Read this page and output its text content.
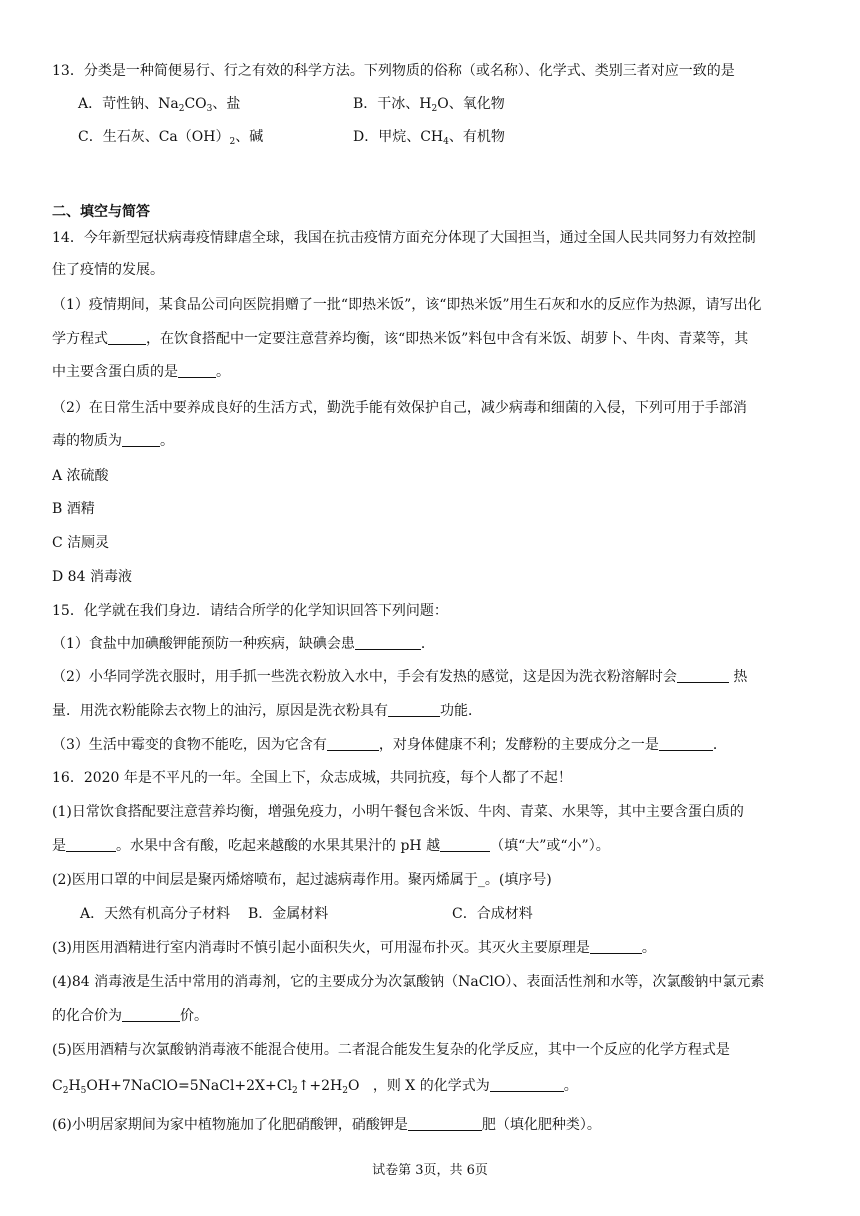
13．分类是一种简便易行、行之有效的科学方法。下列物质的俗称（或名称）、化学式、类别三者对应一致的是
A．苛性钠、$Na_2CO_3$、盐	B．干冰、$H_2O$、氧化物
C．生石灰、$Ca(OH)_2$、碱	D．甲烷、$CH_4$、有机物
二、填空与简答
14．今年新型冠状病毒疫情肆虐全球，我国在抗击疫情方面充分体现了大国担当，通过全国人民共同努力有效控制
住了疫情的发展。
（1）疫情期间，某食品公司向医院捐赠了一批“即热米饭”，该“即热米饭”用生石灰和水的反应作为热源，请写出化
学方程式	，在饮食搭配中一定要注意营养均衡，该“即热米饭”料包中含有米饭、胡萝卜、牛肉、青菜等，其
中主要含蛋白质的是	。
（2）在日常生活中要养成良好的生活方式，勤洗手能有效保护自己，减少病毒和细菌的入侵，下列可用于手部消
毒的物质为	。
A 浓硫酸
B 酒精
C 洁厕灵
D 84 消毒液
15．化学就在我们身边．请结合所学的化学知识回答下列问题：
（1）食盐中加碘酸钾能预防一种疾病，缺碘会患	．
（2）小华同学洗衣服时，用手抓一些洗衣粉放入水中，手会有发热的感觉，这是因为洗衣粉溶解时会	热
量．用洗衣粉能除去衣物上的油污，原因是洗衣粉具有	功能．
（3）生活中霉变的食物不能吃，因为它含有	，对身体健康不利；发酵粉的主要成分之一是	．
16．2020 年是不平凡的一年。全国上下，众志成城，共同抗疫，每个人都了不起！
(1)日常饮食搭配要注意营养均衡，增强免疫力，小明午餐包含米饭、牛肉、青菜、水果等，其中主要含蛋白质的
是	。水果中含有酸，吃起来越酸的水果其果汁的 pH 越	（填“大”或“小”）。
(2)医用口罩的中间层是聚丙烯熔喷布，起过滤病毒作用。聚丙烯属于_。(填序号)
A．天然有机高分子材料 B．金属材料	C．合成材料
(3)用医用酒精进行室内消毒时不慎引起小面积失火，可用湿布扑灭。其灭火主要原理是	。
(4)84 消毒液是生活中常用的消毒剂，它的主要成分为次氯酸钠（NaClO）、表面活性剂和水等，次氯酸钠中氯元素
的化合价为	价。
(5)医用酒精与次氯酸钠消毒液不能混合使用。二者混合能发生复杂的化学反应，其中一个反应的化学方程式是
$C_2H_5OH+7NaClO=5NaCl+2X+Cl_2↑+2H_2O$ ，则 X 的化学式为	。
(6)小明居家期间为家中植物施加了化肥硝酸钾，硝酸钾是	肥（填化肥种类）。
试卷第 3页，共 6页
